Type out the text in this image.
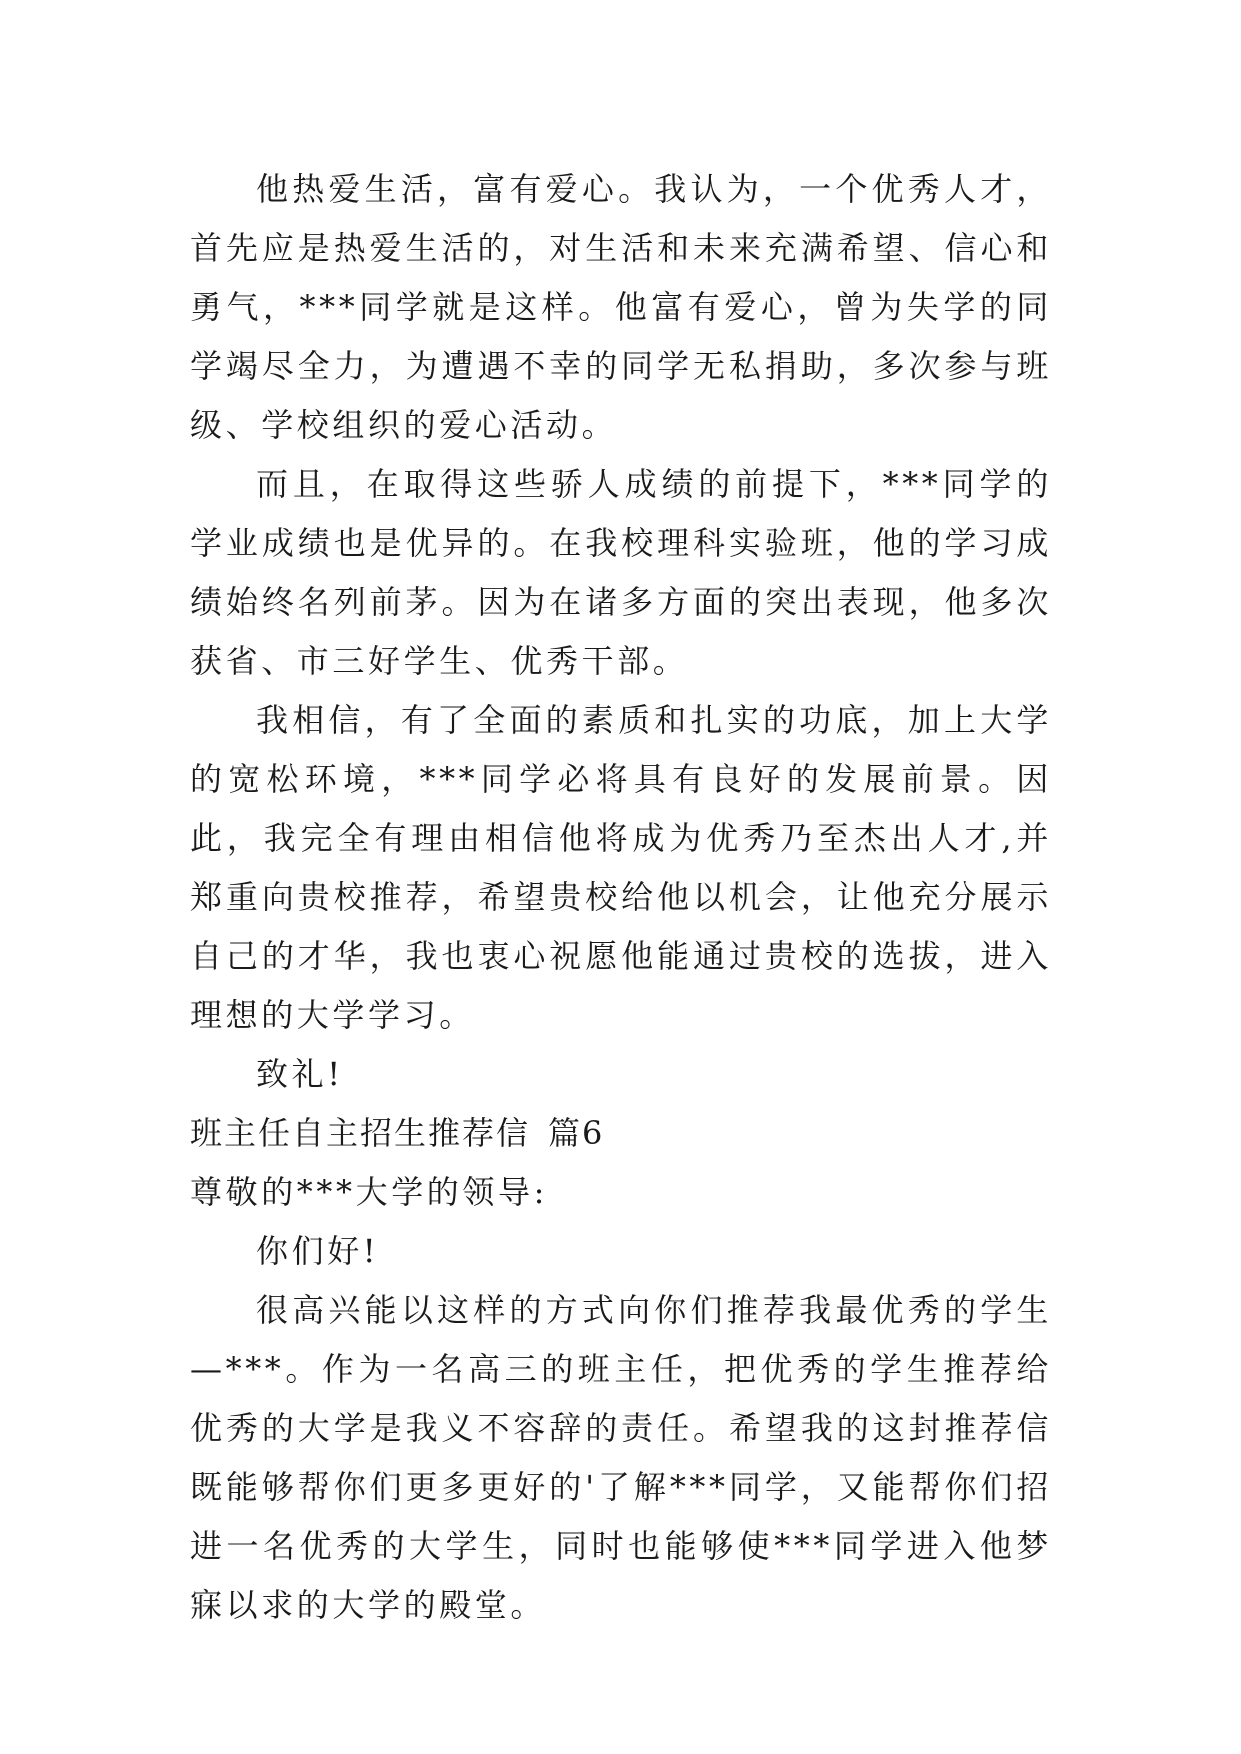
他热爱生活，富有爱心。我认为，一个优秀人才，首先应是热爱生活的，对生活和未来充满希望、信心和勇气，***同学就是这样。他富有爱心，曾为失学的同学竭尽全力，为遭遇不幸的同学无私捐助，多次参与班级、学校组织的爱心活动。

而且，在取得这些骄人成绩的前提下，***同学的学业成绩也是优异的。在我校理科实验班，他的学习成绩始终名列前茅。因为在诸多方面的突出表现，他多次获省、市三好学生、优秀干部。

我相信，有了全面的素质和扎实的功底，加上大学的宽松环境，***同学必将具有良好的发展前景。因此，我完全有理由相信他将成为优秀乃至杰出人才,并郑重向贵校推荐，希望贵校给他以机会，让他充分展示自己的才华，我也衷心祝愿他能通过贵校的选拔，进入理想的大学学习。

致礼!

班主任自主招生推荐信 篇6

尊敬的***大学的领导:

你们好!

很高兴能以这样的方式向你们推荐我最优秀的学生—***。作为一名高三的班主任，把优秀的学生推荐给优秀的大学是我义不容辞的责任。希望我的这封推荐信既能够帮你们更多更好的'了解***同学，又能帮你们招进一名优秀的大学生，同时也能够使***同学进入他梦寐以求的大学的殿堂。
